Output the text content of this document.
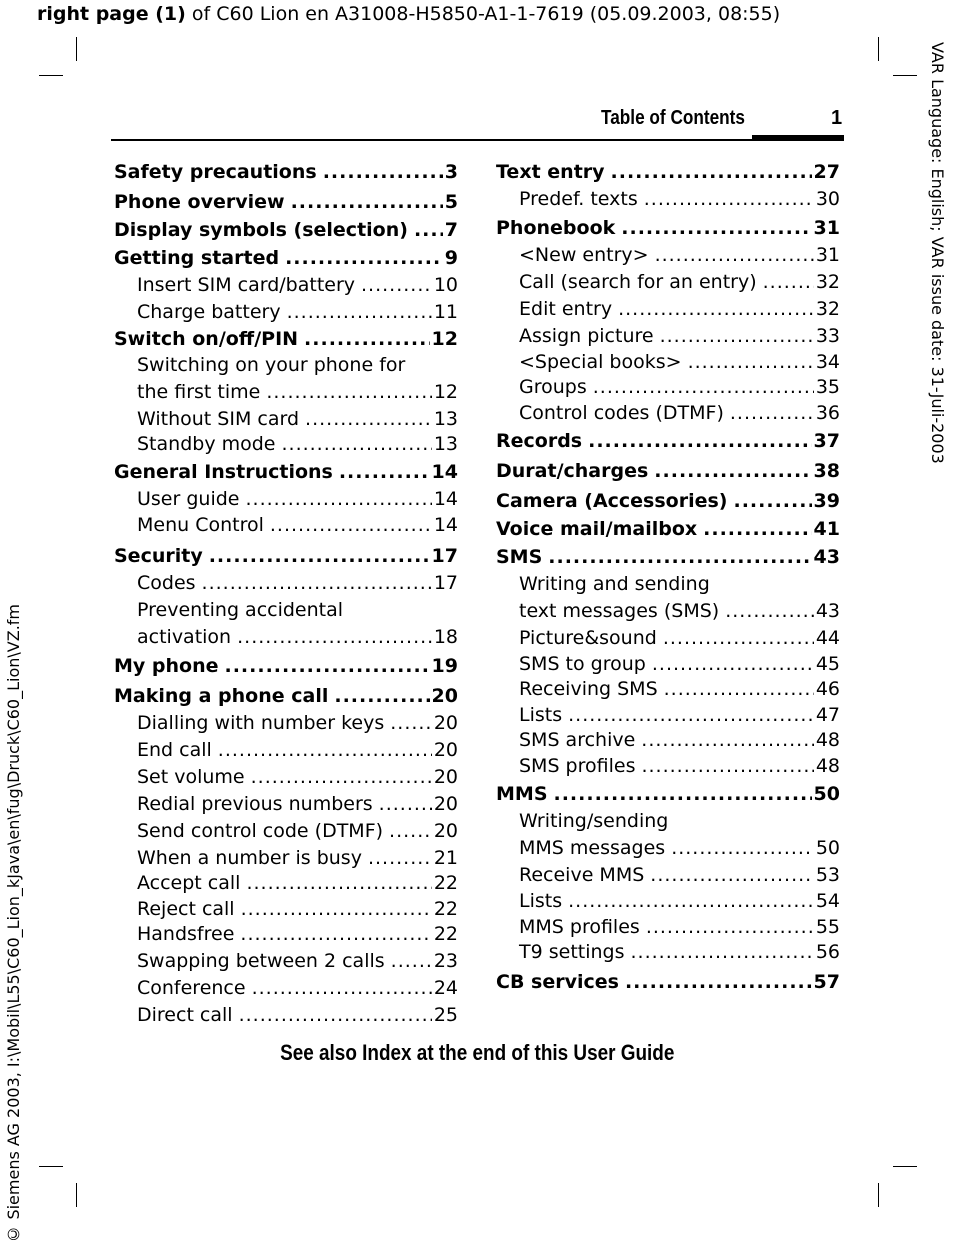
right page (1) of C60 Lion en A31008-H5850-A1-1-7619 (05.09.2003, 08:55)
VAR Language: English; VAR issue date: 31-Juli-2003
© Siemens AG 2003, I:\Mobil\L55\C60_Lion_kJava\en\fug\Druck\C60_Lion\VZ.fm
Table of Contents	1
Safety precautions .....	3
Phone overview .....	5
Display symbols (selection) .....	7
Getting started .....	9
Insert SIM card/battery .....	10
Charge battery .....	11
Switch on/off/PIN .....	12
Switching on your phone for
the first time .....	12
Without SIM card .....	13
Standby mode .....	13
General Instructions .....	14
User guide .....	14
Menu Control .....	14
Security .....	17
Codes .....	17
Preventing accidental
activation .....	18
My phone .....	19
Making a phone call .....	20
Dialling with number keys .....	20
End call .....	20
Set volume .....	20
Redial previous numbers .....	20
Send control code (DTMF) .....	20
When a number is busy .....	21
Accept call .....	22
Reject call .....	22
Handsfree .....	22
Swapping between 2 calls .....	23
Conference .....	24
Direct call .....	25
Text entry .....	27
Predef. texts .....	30
Phonebook .....	31
<New entry> .....	31
Call (search for an entry) .....	32
Edit entry .....	32
Assign picture .....	33
<Special books> .....	34
Groups .....	35
Control codes (DTMF) .....	36
Records .....	37
Durat/charges .....	38
Camera (Accessories) .....	39
Voice mail/mailbox .....	41
SMS .....	43
Writing and sending
text messages (SMS) .....	43
Picture&sound .....	44
SMS to group .....	45
Receiving SMS .....	46
Lists .....	47
SMS archive .....	48
SMS profiles .....	48
MMS .....	50
Writing/sending
MMS messages .....	50
Receive MMS .....	53
Lists .....	54
MMS profiles .....	55
T9 settings .....	56
CB services .....	57
See also Index at the end of this User Guide
